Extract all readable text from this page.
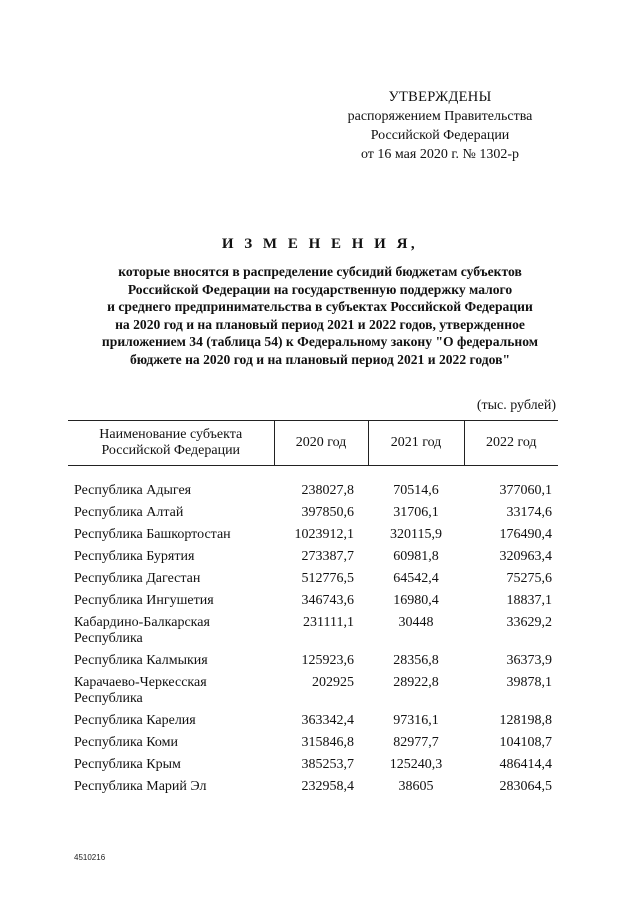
УТВЕРЖДЕНЫ
распоряжением Правительства
Российской Федерации
от 16 мая 2020 г. № 1302-р
И З М Е Н Е Н И Я,
которые вносятся в распределение субсидий бюджетам субъектов
Российской Федерации на государственную поддержку малого
и среднего предпринимательства в субъектах Российской Федерации
на 2020 год и на плановый период 2021 и 2022 годов, утвержденное
приложением 34 (таблица 54) к Федеральному закону "О федеральном
бюджете на 2020 год и на плановый период 2021 и 2022 годов"
(тыс. рублей)
Наименование субъекта
Российской Федерации	2020 год	2021 год	2022 год

Республика Адыгея	238027,8	70514,6	377060,1
Республика Алтай	397850,6	31706,1	33174,6
Республика Башкортостан	1023912,1	320115,9	176490,4
Республика Бурятия	273387,7	60981,8	320963,4
Республика Дагестан	512776,5	64542,4	75275,6
Республика Ингушетия	346743,6	16980,4	18837,1
Кабардино-Балкарская
Республика	231111,1	30448	33629,2
Республика Калмыкия	125923,6	28356,8	36373,9
Карачаево-Черкесская
Республика	202925	28922,8	39878,1
Республика Карелия	363342,4	97316,1	128198,8
Республика Коми	315846,8	82977,7	104108,7
Республика Крым	385253,7	125240,3	486414,4
Республика Марий Эл	232958,4	38605	283064,5
4510216
